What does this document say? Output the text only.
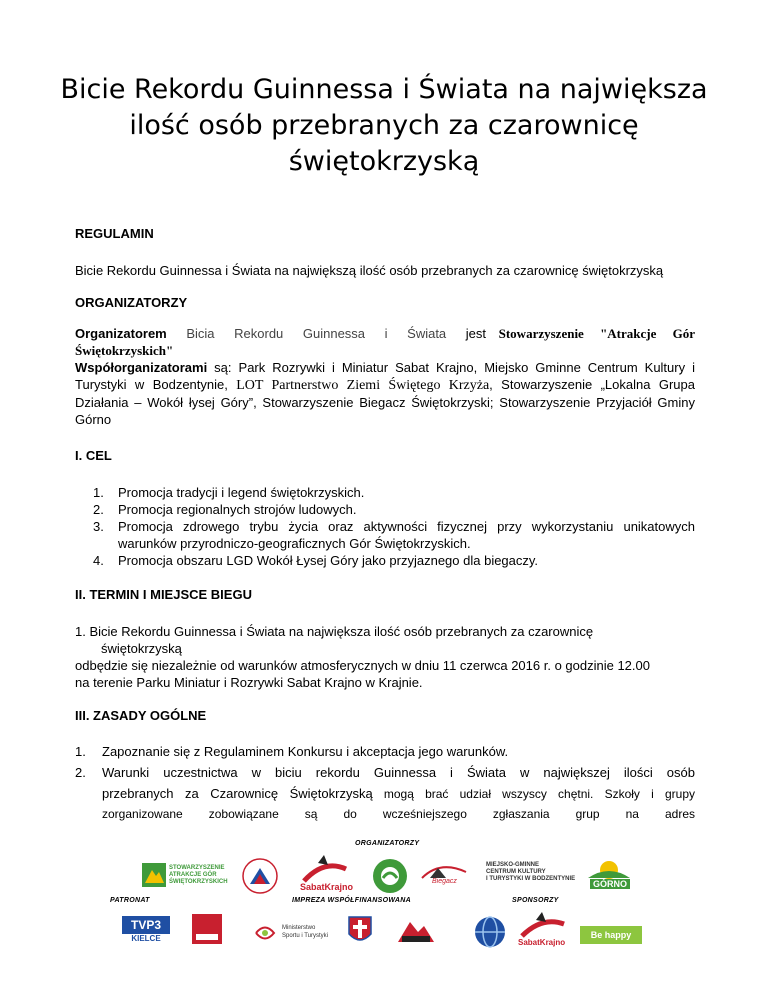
Bicie Rekordu Guinnessa i Świata na największa
ilość osób przebranych za czarownicę
świętokrzyską
REGULAMIN
Bicie Rekordu Guinnessa i Świata na największą ilość osób przebranych za czarownicę świętokrzyską
ORGANIZATORZY
Organizatorem Bicia Rekordu Guinnessa i Świata jest Stowarzyszenie "Atrakcje Gór Świętokrzyskich"
Współorganizatorami są: Park Rozrywki i Miniatur Sabat Krajno, Miejsko Gminne Centrum Kultury i Turystyki w Bodzentynie, LOT Partnerstwo Ziemi Świętego Krzyża, Stowarzyszenie „Lokalna Grupa Działania – Wokół łysej Góry”, Stowarzyszenie Biegacz Świętokrzyski; Stowarzyszenie Przyjaciół Gminy Górno
I. CEL
1. Promocja tradycji i legend świętokrzyskich.
2. Promocja regionalnych strojów ludowych.
3. Promocja zdrowego trybu życia oraz aktywności fizycznej przy wykorzystaniu unikatowych warunków przyrodniczo-geograficznych Gór Świętokrzyskich.
4. Promocja obszaru LGD Wokół Łysej Góry jako przyjaznego dla biegaczy.
II. TERMIN I MIEJSCE BIEGU
1. Bicie Rekordu Guinnessa i Świata na największa ilość osób przebranych za czarownicę
świętokrzyską
odbędzie się niezależnie od warunków atmosferycznych w dniu 11 czerwca 2016 r. o godzinie 12.00
na terenie Parku Miniatur i Rozrywki Sabat Krajno w Krajnie.
III. ZASADY OGÓLNE
1. Zapoznanie się z Regulaminem Konkursu i akceptacja jego warunków.
2.	Warunki uczestnictwa w biciu rekordu Guinnessa i Świata w największej ilości osób
przebranych za Czarownicę Świętokrzyską mogą brać udział wszyscy chętni. Szkoły i grupy
zorganizowane zobowiązane są do wcześniejszego zgłaszania grup na adres
ORGANIZATORZY
STOWARZYSZENIE
ATRAKCJE GÓR
ŚWIĘTOKRZYSKICH	SabatKrajno
Biegacz
MIEJSKO-GMINNE
CENTRUM KULTURY
I TURYSTYKI W BODZENTYNIE	GÓRNO
PATRONAT	IMPREZA WSPÓŁFINANSOWANA	SPONSORZY
TVP3
KIELCE
Ministerstwo
Sportu i Turystyki
SabatKrajno
Be happy
